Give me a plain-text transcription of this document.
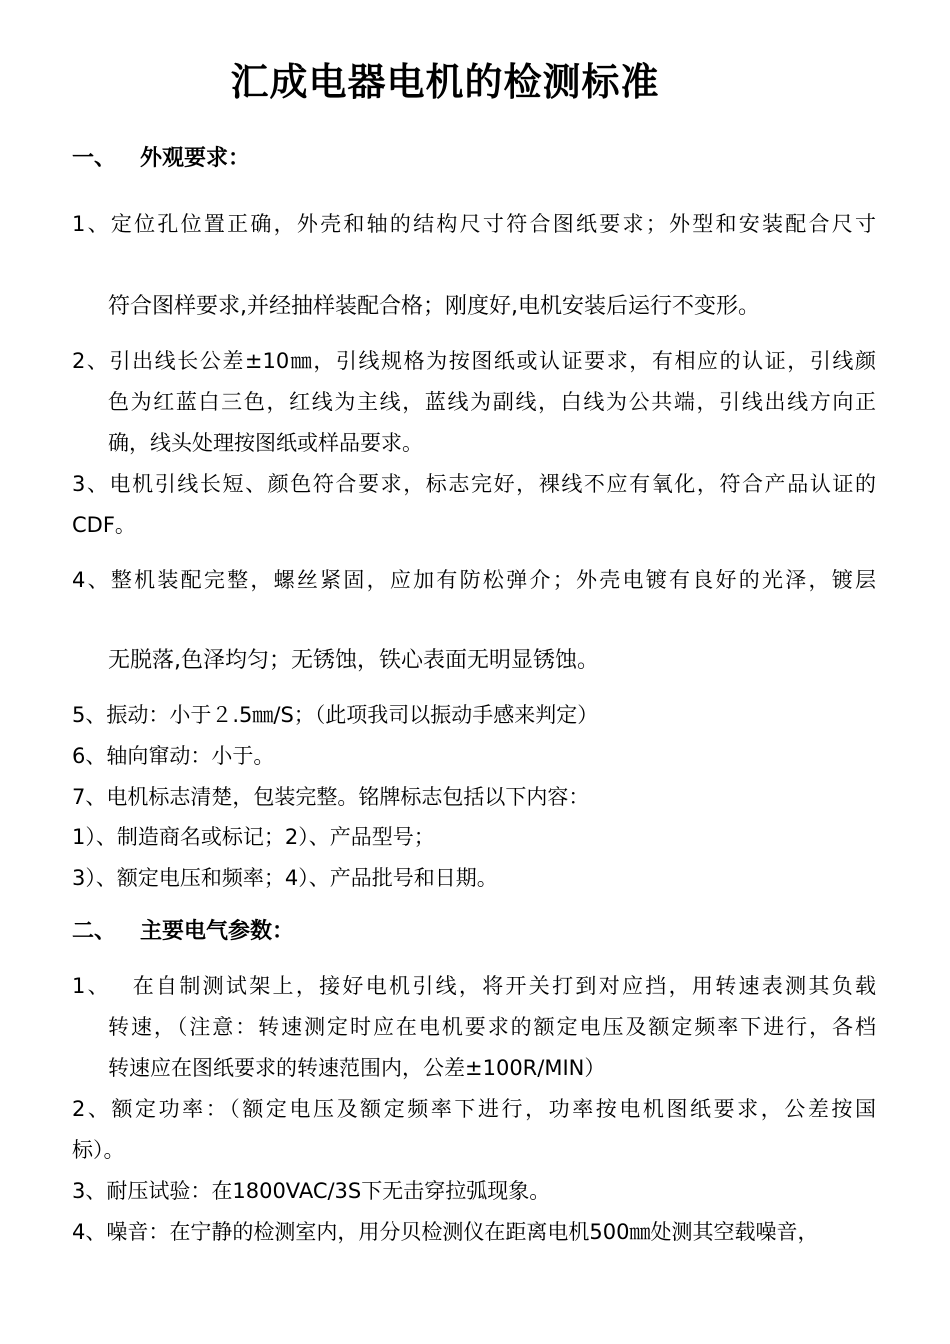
汇成电器电机的检测标准
一、 外观要求：
1、定位孔位置正确，外壳和轴的结构尺寸符合图纸要求；外型和安装配合尺寸
符合图样要求,并经抽样装配合格；刚度好,电机安装后运行不变形。
2、引出线长公差±10㎜，引线规格为按图纸或认证要求，有相应的认证，引线颜
色为红蓝白三色，红线为主线，蓝线为副线，白线为公共端，引线出线方向正
确，线头处理按图纸或样品要求。
3、电机引线长短、颜色符合要求，标志完好，裸线不应有氧化，符合产品认证的
CDF。
4、整机装配完整，螺丝紧固，应加有防松弹介；外壳电镀有良好的光泽，镀层
无脱落,色泽均匀；无锈蚀，铁心表面无明显锈蚀。
5、振动：小于２.5㎜/S；（此项我司以振动手感来判定）
6、轴向窜动：小于。
7、电机标志清楚，包装完整。铭牌标志包括以下内容：
1）、制造商名或标记；2）、产品型号；
3）、额定电压和频率；4）、产品批号和日期。
二、 主要电气参数：
1、　 在自制测试架上，接好电机引线，将开关打到对应挡，用转速表测其负载
转速，（注意：转速测定时应在电机要求的额定电压及额定频率下进行，各档
转速应在图纸要求的转速范围内，公差±100R/MIN）
2、额定功率：（额定电压及额定频率下进行，功率按电机图纸要求，公差按国
标）。
3、耐压试验：在1800VAC/3S下无击穿拉弧现象。
4、噪音：在宁静的检测室内，用分贝检测仪在距离电机500㎜处测其空载噪音，
